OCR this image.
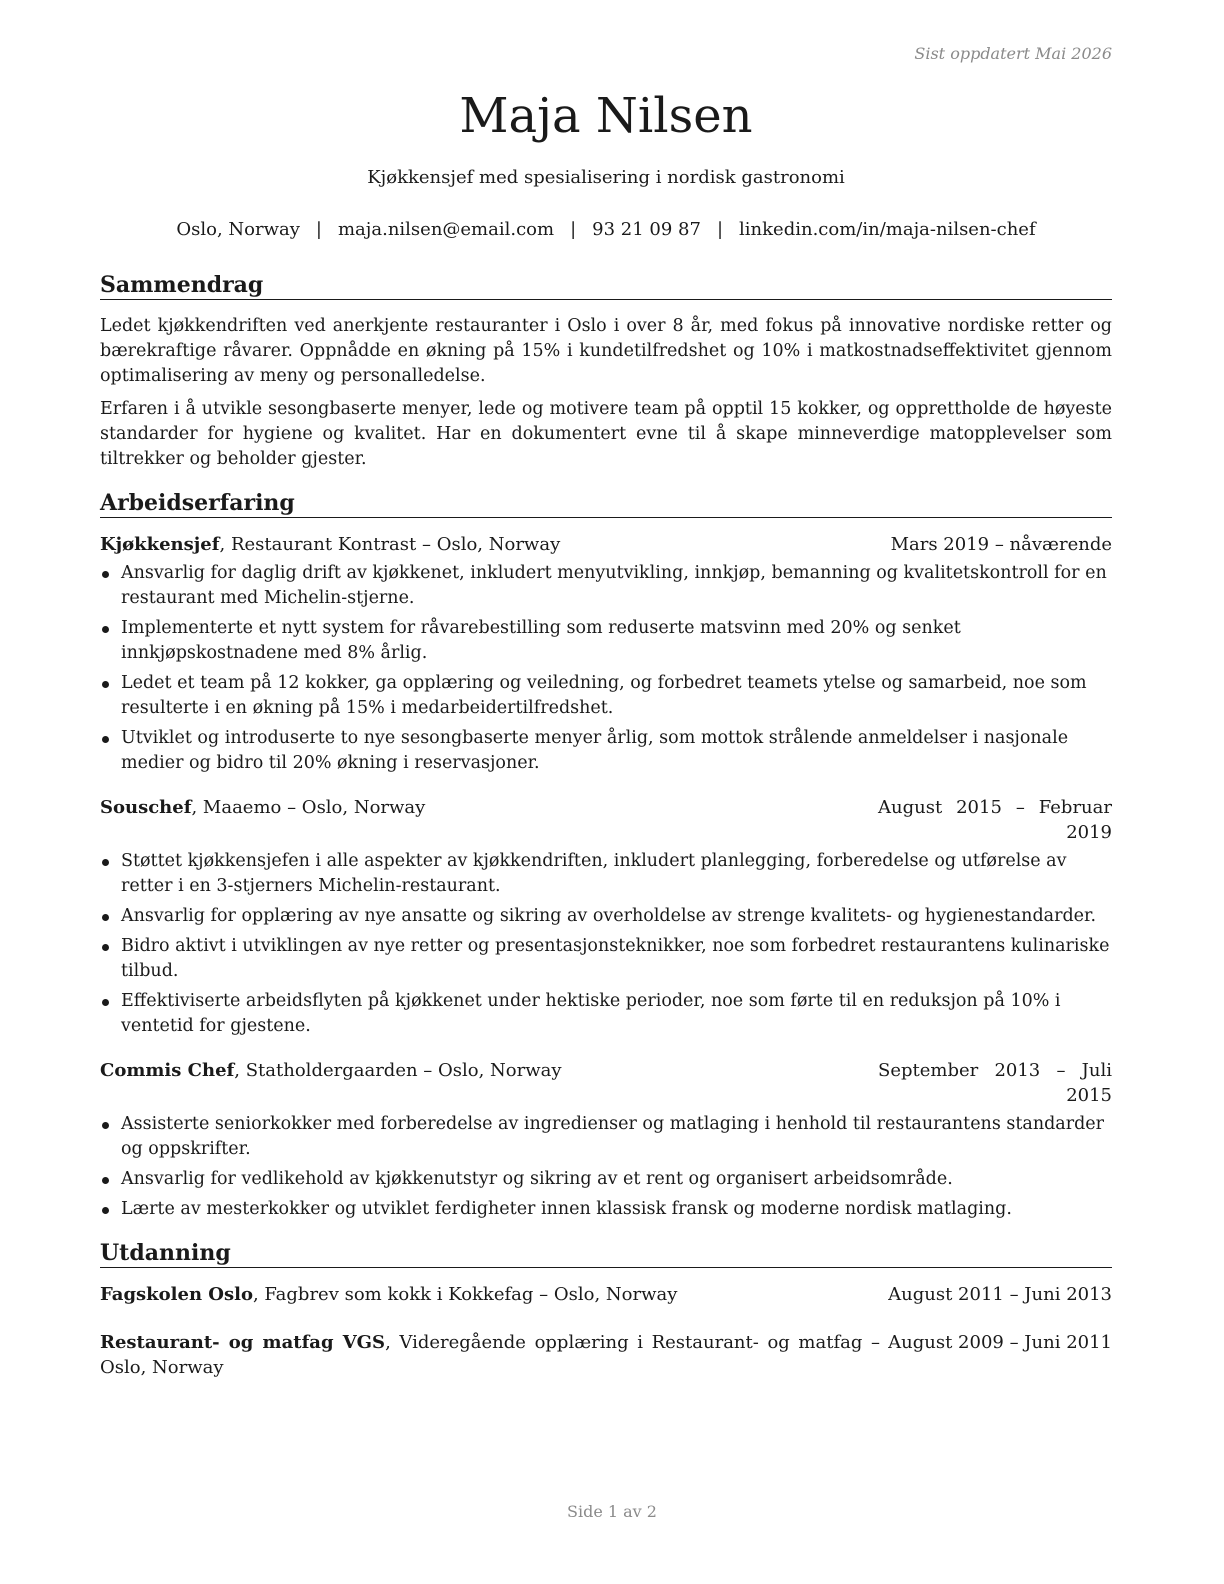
Sist oppdatert Mai 2026
Maja Nilsen
Kjøkkensjef med spesialisering i nordisk gastronomi
Oslo, Norway | maja.nilsen@email.com | 93 21 09 87 | linkedin.com/in/maja-nilsen-chef
Sammendrag
Ledet kjøkkendriften ved anerkjente restauranter i Oslo i over 8 år, med fokus på innovative nordiske retter og bærekraftige råvarer. Oppnådde en økning på 15% i kundetilfredshet og 10% i matkostnadseffektivitet gjennom optimalisering av meny og personalledelse.
Erfaren i å utvikle sesongbaserte menyer, lede og motivere team på opptil 15 kokker, og opprettholde de høyeste standarder for hygiene og kvalitet. Har en dokumentert evne til å skape minneverdige matopplevelser som tiltrekker og beholder gjester.
Arbeidserfaring
Kjøkkensjef, Restaurant Kontrast – Oslo, Norway	Mars 2019 – nåværende
Ansvarlig for daglig drift av kjøkkenet, inkludert menyutvikling, innkjøp, bemanning og kvalitetskontroll for en restaurant med Michelin-stjerne.
Implementerte et nytt system for råvarebestilling som reduserte matsvinn med 20% og senket innkjøpskostnadene med 8% årlig.
Ledet et team på 12 kokker, ga opplæring og veiledning, og forbedret teamets ytelse og samarbeid, noe som resulterte i en økning på 15% i medarbeidertilfredshet.
Utviklet og introduserte to nye sesongbaserte menyer årlig, som mottok strålende anmeldelser i nasjonale medier og bidro til 20% økning i reservasjoner.
Souschef, Maaemo – Oslo, Norway	August 2015 – Februar 2019
Støttet kjøkkensjefen i alle aspekter av kjøkkendriften, inkludert planlegging, forberedelse og utførelse av retter i en 3-stjerners Michelin-restaurant.
Ansvarlig for opplæring av nye ansatte og sikring av overholdelse av strenge kvalitets- og hygienestandarder.
Bidro aktivt i utviklingen av nye retter og presentasjonsteknikker, noe som forbedret restaurantens kulinariske tilbud.
Effektiviserte arbeidsflyten på kjøkkenet under hektiske perioder, noe som førte til en reduksjon på 10% i ventetid for gjestene.
Commis Chef, Statholdergaarden – Oslo, Norway	September 2013 – Juli 2015
Assisterte seniorkokker med forberedelse av ingredienser og matlaging i henhold til restaurantens standarder og oppskrifter.
Ansvarlig for vedlikehold av kjøkkenutstyr og sikring av et rent og organisert arbeidsområde.
Lærte av mesterkokker og utviklet ferdigheter innen klassisk fransk og moderne nordisk matlaging.
Utdanning
Fagskolen Oslo, Fagbrev som kokk i Kokkefag – Oslo, Norway	August 2011 – Juni 2013
Restaurant- og matfag VGS, Videregående opplæring i Restaurant- og matfag – Oslo, Norway
August 2009 – Juni 2011
Side 1 av 2
